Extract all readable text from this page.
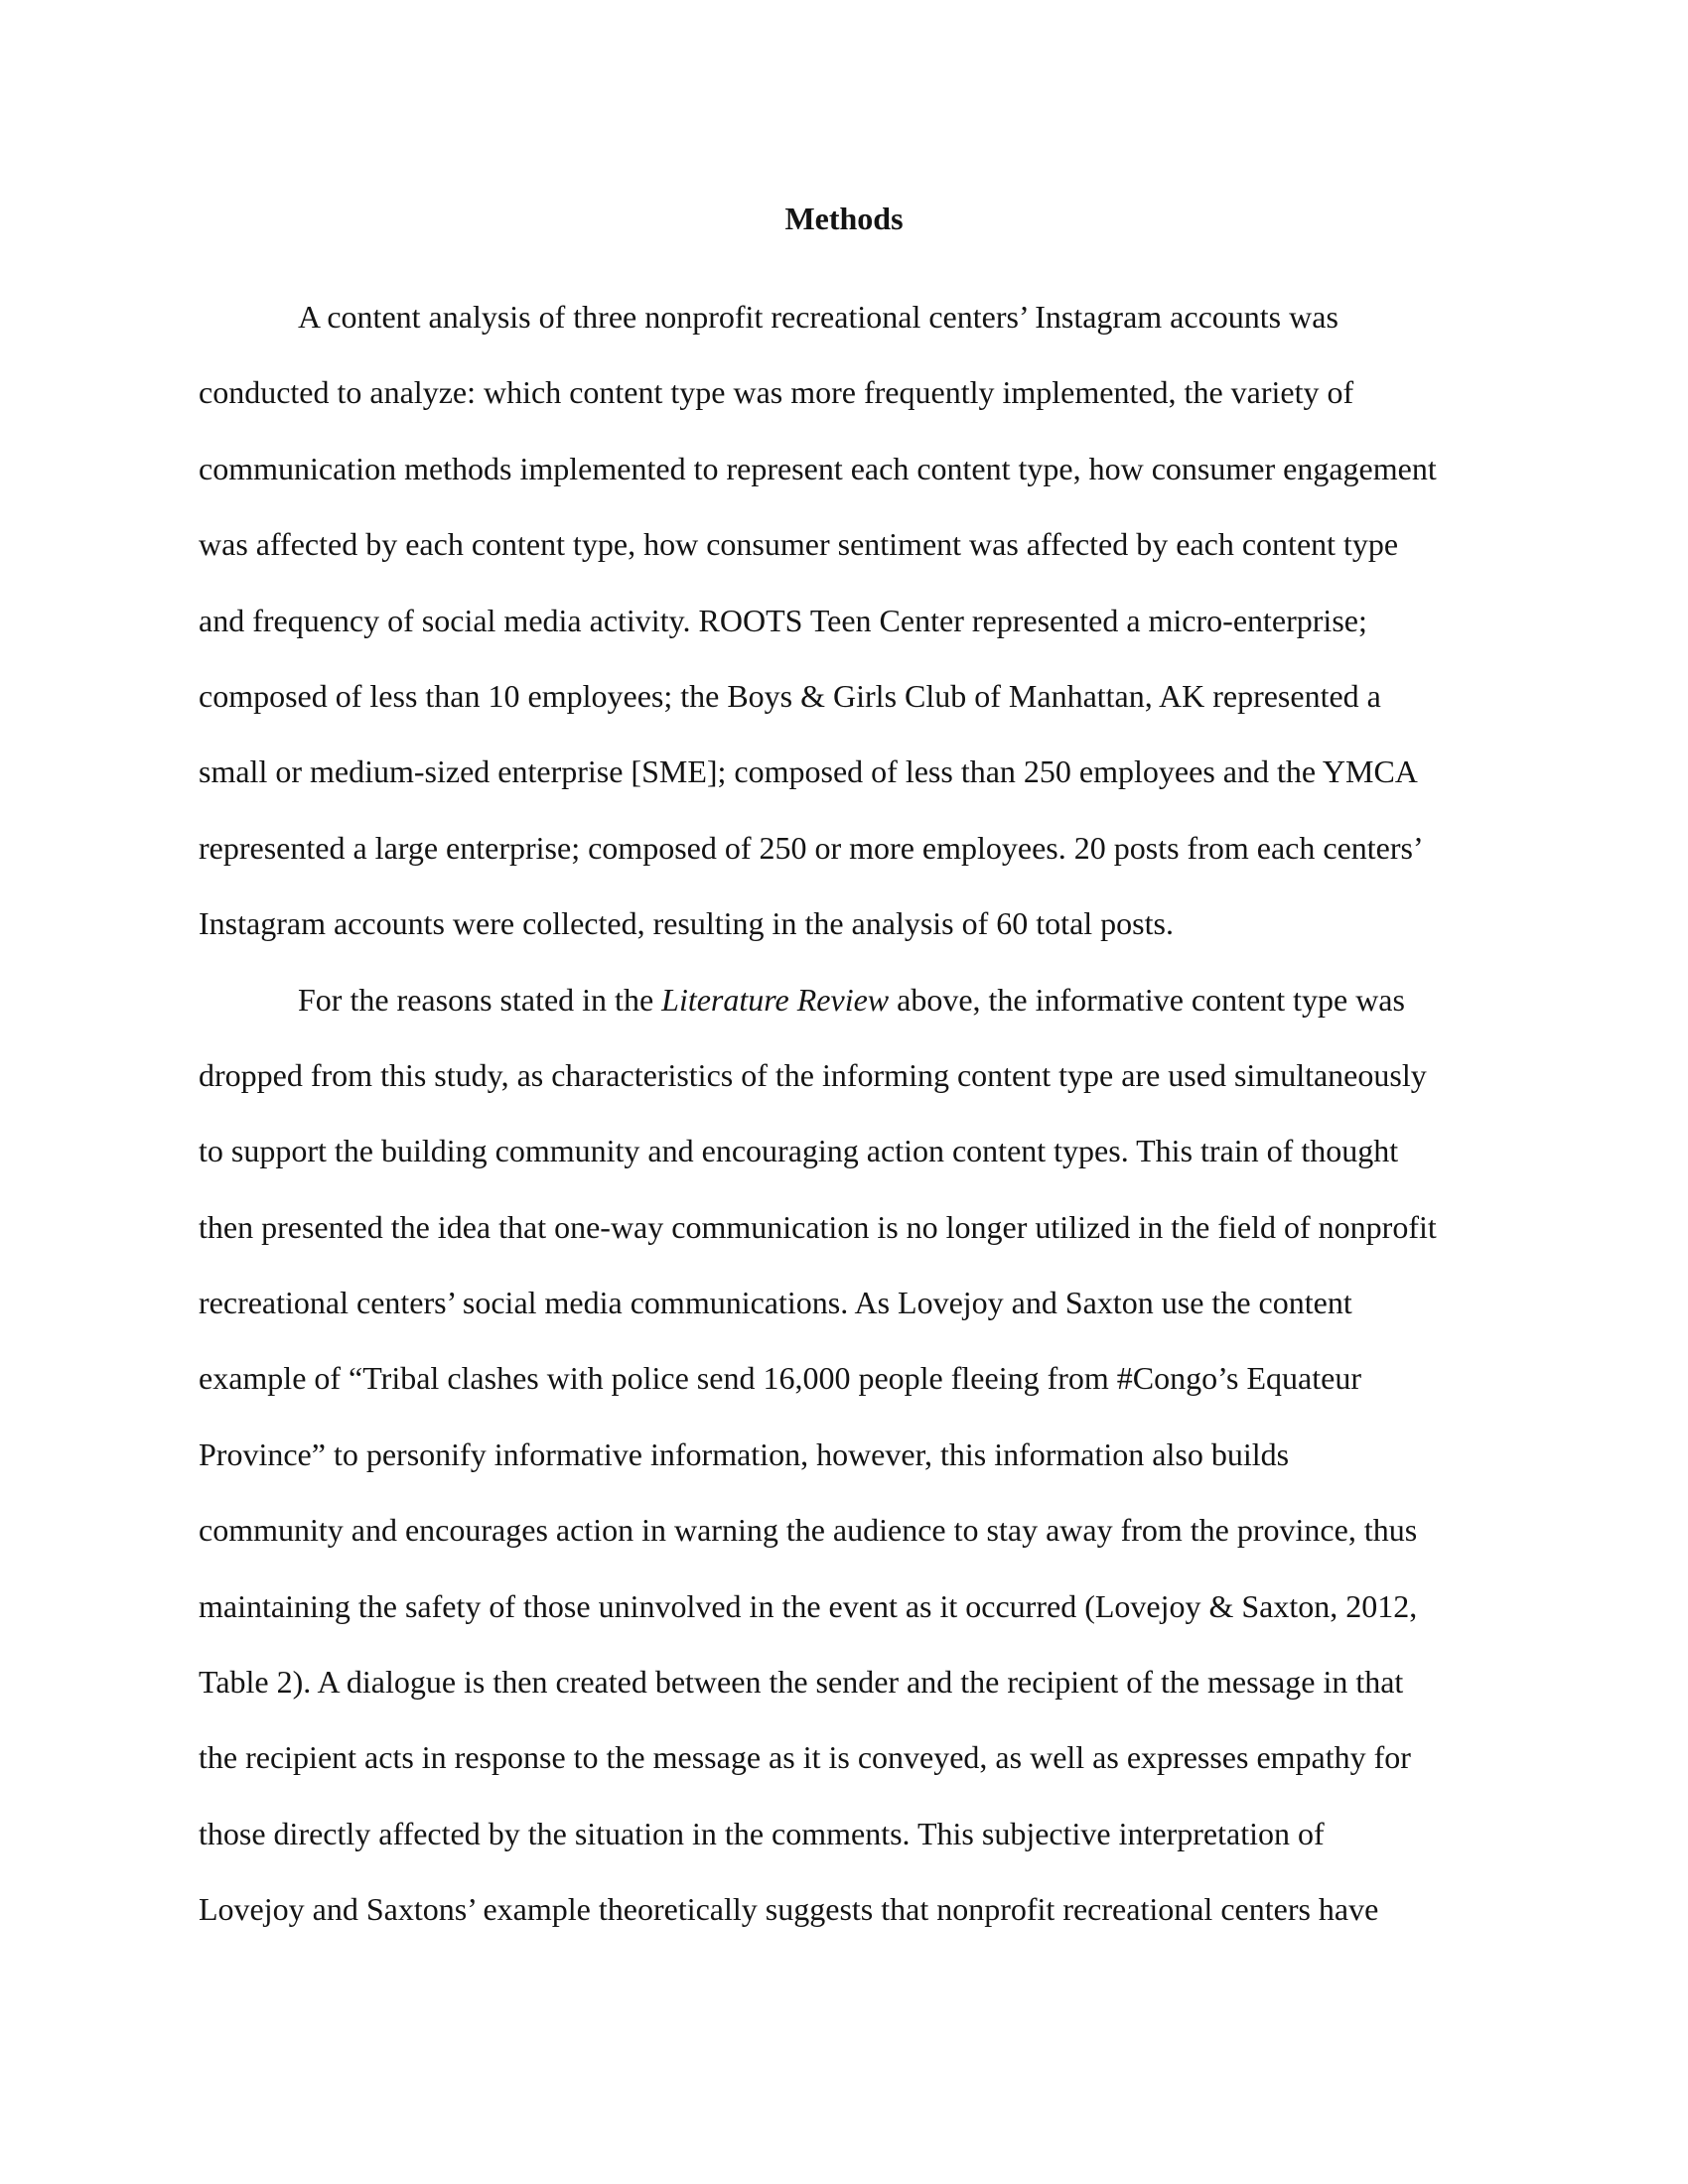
Methods
A content analysis of three nonprofit recreational centers’ Instagram accounts was
conducted to analyze: which content type was more frequently implemented, the variety of
communication methods implemented to represent each content type, how consumer engagement
was affected by each content type, how consumer sentiment was affected by each content type
and frequency of social media activity. ROOTS Teen Center represented a micro-enterprise;
composed of less than 10 employees; the Boys & Girls Club of Manhattan, AK represented a
small or medium-sized enterprise [SME]; composed of less than 250 employees and the YMCA
represented a large enterprise; composed of 250 or more employees. 20 posts from each centers’
Instagram accounts were collected, resulting in the analysis of 60 total posts.
For the reasons stated in the Literature Review above, the informative content type was
dropped from this study, as characteristics of the informing content type are used simultaneously
to support the building community and encouraging action content types. This train of thought
then presented the idea that one-way communication is no longer utilized in the field of nonprofit
recreational centers’ social media communications. As Lovejoy and Saxton use the content
example of “Tribal clashes with police send 16,000 people fleeing from #Congo’s Equateur
Province” to personify informative information, however, this information also builds
community and encourages action in warning the audience to stay away from the province, thus
maintaining the safety of those uninvolved in the event as it occurred (Lovejoy & Saxton, 2012,
Table 2). A dialogue is then created between the sender and the recipient of the message in that
the recipient acts in response to the message as it is conveyed, as well as expresses empathy for
those directly affected by the situation in the comments. This subjective interpretation of
Lovejoy and Saxtons’ example theoretically suggests that nonprofit recreational centers have
